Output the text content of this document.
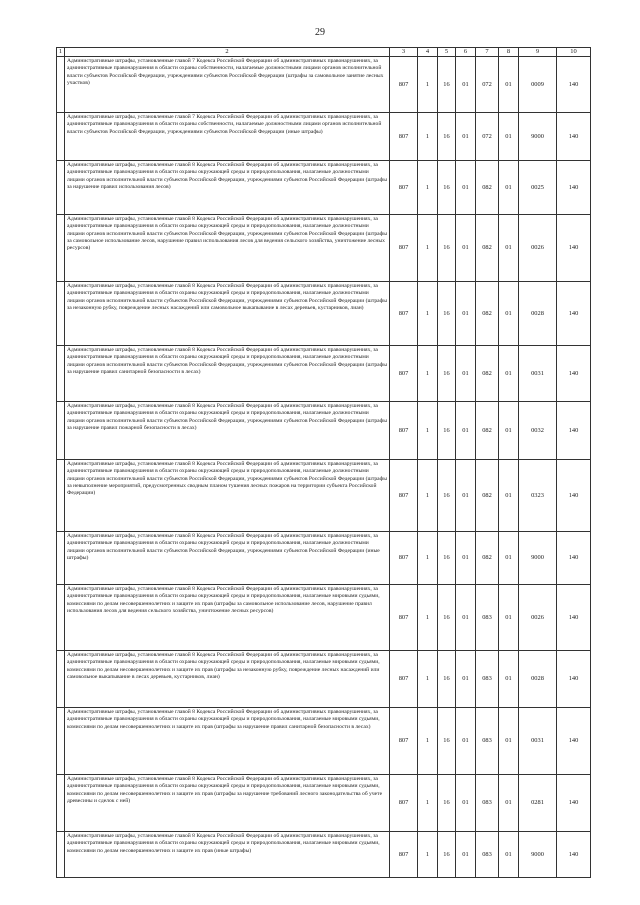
29
1	2	3	4	5	6	7	8	9	10
	Административные штрафы, установленные главой 7 Кодекса Российской Федерации об административных правонарушениях, за административные правонарушения в области охраны собственности, налагаемые должностными лицами органов исполнительной власти субъектов Российской Федерации, учреждениями субъектов Российской Федерации (штрафы за самовольное занятие лесных участков)	807	1	16	01	072	01	0009	140
	Административные штрафы, установленные главой 7 Кодекса Российской Федерации об административных правонарушениях, за административные правонарушения в области охраны собственности, налагаемые должностными лицами органов исполнительной власти субъектов Российской Федерации, учреждениями субъектов Российской Федерации (иные штрафы)	807	1	16	01	072	01	9000	140
	Административные штрафы, установленные главой 8 Кодекса Российской Федерации об административных правонарушениях, за административные правонарушения в области охраны окружающей среды и природопользования, налагаемые должностными лицами органов исполнительной власти субъектов Российской Федерации, учреждениями субъектов Российской Федерации (штрафы за нарушение правил использования лесов)	807	1	16	01	082	01	0025	140
	Административные штрафы, установленные главой 8 Кодекса Российской Федерации об административных правонарушениях, за административные правонарушения в области охраны окружающей среды и природопользования, налагаемые должностными лицами органов исполнительной власти субъектов Российской Федерации, учреждениями субъектов Российской Федерации (штрафы за самовольное использование лесов, нарушение правил использования лесов для ведения сельского хозяйства, уничтожение лесных ресурсов)	807	1	16	01	082	01	0026	140
	Административные штрафы, установленные главой 8 Кодекса Российской Федерации об административных правонарушениях, за административные правонарушения в области охраны окружающей среды и природопользования, налагаемые должностными лицами органов исполнительной власти субъектов Российской Федерации, учреждениями субъектов Российской Федерации (штрафы за незаконную рубку, повреждение лесных насаждений или самовольное выкапывание в лесах деревьев, кустарников, лиан)	807	1	16	01	082	01	0028	140
	Административные штрафы, установленные главой 8 Кодекса Российской Федерации об административных правонарушениях, за административные правонарушения в области охраны окружающей среды и природопользования, налагаемые должностными лицами органов исполнительной власти субъектов Российской Федерации, учреждениями субъектов Российской Федерации (штрафы за нарушение правил санитарной безопасности в лесах)	807	1	16	01	082	01	0031	140
	Административные штрафы, установленные главой 8 Кодекса Российской Федерации об административных правонарушениях, за административные правонарушения в области охраны окружающей среды и природопользования, налагаемые должностными лицами органов исполнительной власти субъектов Российской Федерации, учреждениями субъектов Российской Федерации (штрафы за нарушение правил пожарной безопасности в лесах)	807	1	16	01	082	01	0032	140
	Административные штрафы, установленные главой 8 Кодекса Российской Федерации об административных правонарушениях, за административные правонарушения в области охраны окружающей среды и природопользования, налагаемые должностными лицами органов исполнительной власти субъектов Российской Федерации, учреждениями субъектов Российской Федерации (штрафы за невыполнение мероприятий, предусмотренных сводным планом тушения лесных пожаров на территории субъекта Российской Федерации)	807	1	16	01	082	01	0323	140
	Административные штрафы, установленные главой 8 Кодекса Российской Федерации об административных правонарушениях, за административные правонарушения в области охраны окружающей среды и природопользования, налагаемые должностными лицами органов исполнительной власти субъектов Российской Федерации, учреждениями субъектов Российской Федерации (иные штрафы)	807	1	16	01	082	01	9000	140
	Административные штрафы, установленные главой 8 Кодекса Российской Федерации об административных правонарушениях, за административные правонарушения в области охраны окружающей среды и природопользования, налагаемые мировыми судьями, комиссиями по делам несовершеннолетних и защите их прав (штрафы за самовольное использование лесов, нарушение правил использования лесов для ведения сельского хозяйства, уничтожение лесных ресурсов)	807	1	16	01	083	01	0026	140
	Административные штрафы, установленные главой 8 Кодекса Российской Федерации об административных правонарушениях, за административные правонарушения в области охраны окружающей среды и природопользования, налагаемые мировыми судьями, комиссиями по делам несовершеннолетних и защите их прав (штрафы за незаконную рубку, повреждение лесных насаждений или самовольное выкапывание в лесах деревьев, кустарников, лиан)	807	1	16	01	083	01	0028	140
	Административные штрафы, установленные главой 8 Кодекса Российской Федерации об административных правонарушениях, за административные правонарушения в области охраны окружающей среды и природопользования, налагаемые мировыми судьями, комиссиями по делам несовершеннолетних и защите их прав (штрафы за нарушение правил санитарной безопасности в лесах)	807	1	16	01	083	01	0031	140
	Административные штрафы, установленные главой 8 Кодекса Российской Федерации об административных правонарушениях, за административные правонарушения в области охраны окружающей среды и природопользования, налагаемые мировыми судьями, комиссиями по делам несовершеннолетних и защите их прав (штрафы за нарушение требований лесного законодательства об учете древесины и сделок с ней)	807	1	16	01	083	01	0281	140
	Административные штрафы, установленные главой 8 Кодекса Российской Федерации об административных правонарушениях, за административные правонарушения в области охраны окружающей среды и природопользования, налагаемые мировыми судьями, комиссиями по делам несовершеннолетних и защите их прав (иные штрафы)	807	1	16	01	083	01	9000	140
